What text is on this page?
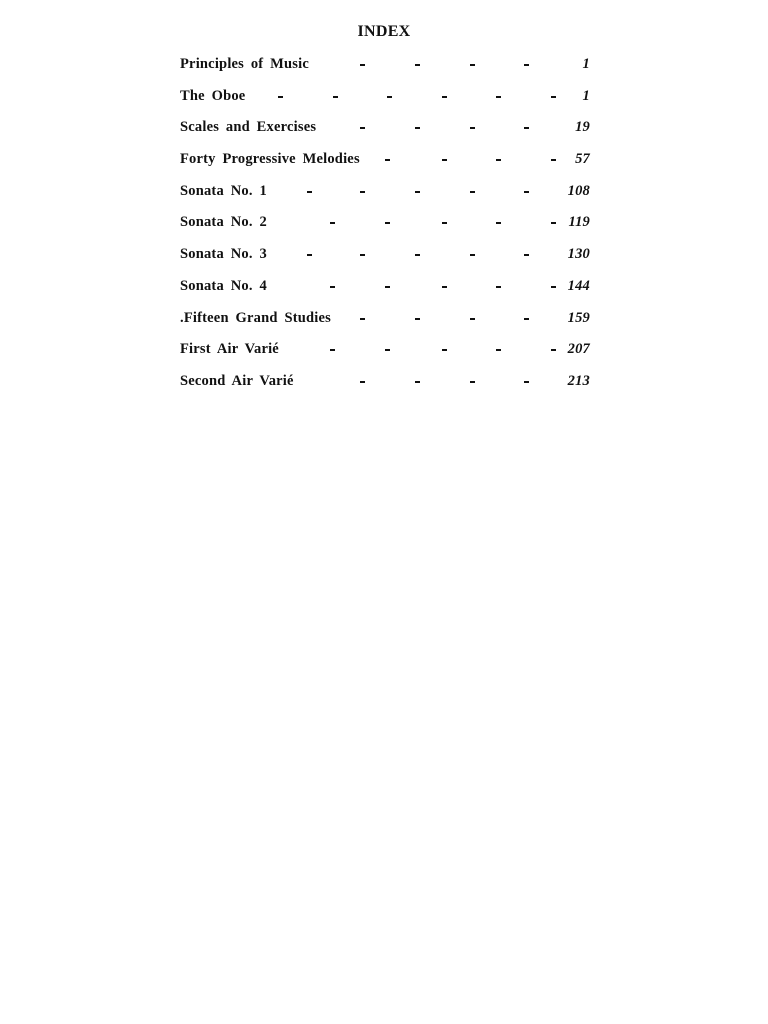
INDEX
Principles of Music	1
The Oboe	1
Scales and Exercises	19
Forty Progressive Melodies	57
Sonata No. 1	108
Sonata No. 2	119
Sonata No. 3	130
Sonata No. 4	144
.Fifteen Grand Studies	159
First Air Varié	207
Second Air Varié	213
